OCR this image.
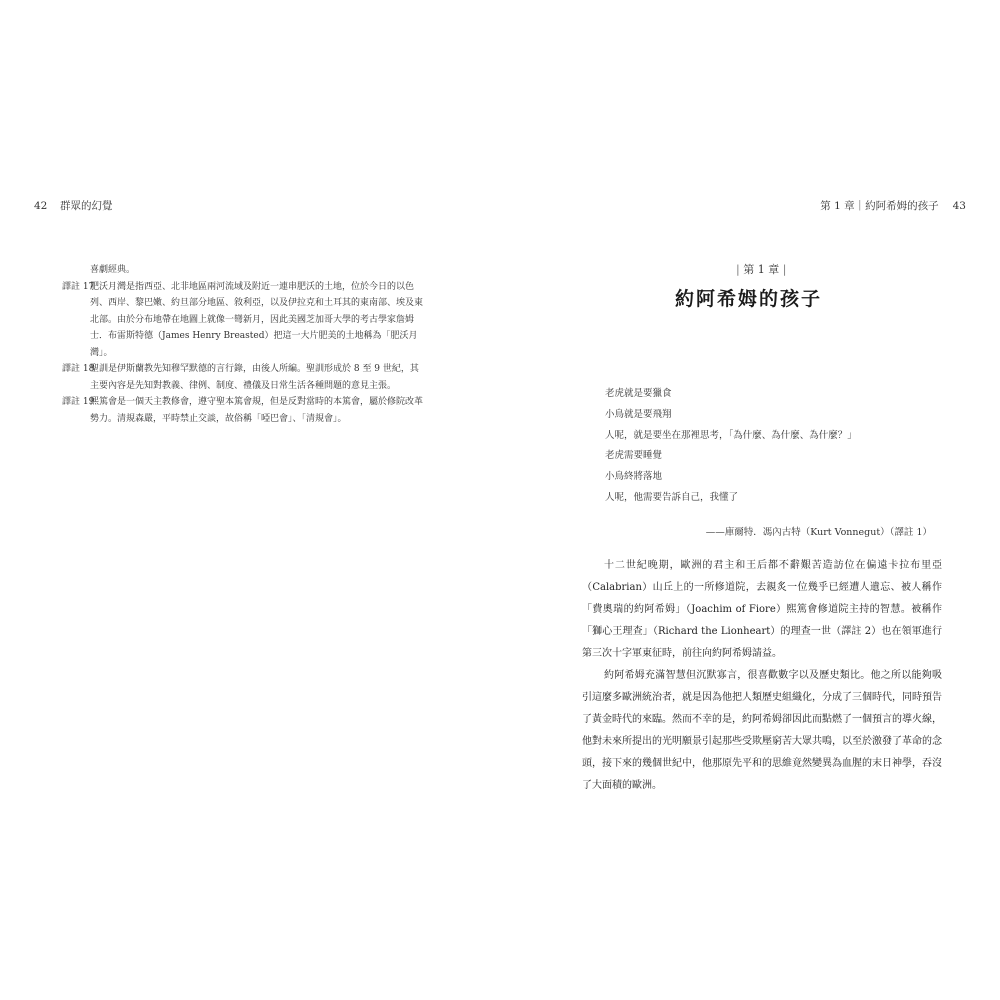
42 群眾的幻覺
喜劇經典。
譯註 17
肥沃月灣是指西亞、北非地區兩河流域及附近一連串肥沃的土地，位於今日的以色列、西岸、黎巴嫩、約旦部分地區、敘利亞，以及伊拉克和土耳其的東南部、埃及東北部。由於分布地帶在地圖上就像一彎新月，因此美國芝加哥大學的考古學家詹姆士．布雷斯特德（James Henry Breasted）把這一大片肥美的土地稱為「肥沃月灣」。
譯註 18
聖訓是伊斯蘭教先知穆罕默德的言行錄，由後人所編。聖訓形成於 8 至 9 世紀，其主要內容是先知對教義、律例、制度、禮儀及日常生活各種問題的意見主張。
譯註 19
熙篤會是一個天主教修會，遵守聖本篤會規，但是反對當時的本篤會，屬於修院改革勢力。清規森嚴，平時禁止交談，故俗稱「啞巴會」、「清規會」。
第 1 章｜約阿希姆的孩子 43
| 第 1 章 |
約阿希姆的孩子
老虎就是要獵食
小鳥就是要飛翔
人呢，就是要坐在那裡思考，「為什麼、為什麼、為什麼？」
老虎需要睡覺
小鳥終將落地
人呢，他需要告訴自己，我懂了
——庫爾特．馮內古特（Kurt Vonnegut）（譯註 1）

十二世紀晚期，歐洲的君主和王后都不辭艱苦造訪位在偏遠卡拉布里亞（Calabrian）山丘上的一所修道院，去親炙一位幾乎已經遭人遺忘、被人稱作「費奧瑞的約阿希姆」（Joachim of Fiore）熙篤會修道院主持的智慧。被稱作「獅心王理查」（Richard the Lionheart）的理查一世（譯註 2）也在領軍進行第三次十字軍東征時，前往向約阿希姆請益。

約阿希姆充滿智慧但沉默寡言，很喜歡數字以及歷史類比。他之所以能夠吸引這麼多歐洲統治者，就是因為他把人類歷史組織化，分成了三個時代，同時預告了黃金時代的來臨。然而不幸的是，約阿希姆卻因此而點燃了一個預言的導火線，他對未來所提出的光明願景引起那些受欺壓窮苦大眾共鳴，以至於激發了革命的念頭，接下來的幾個世紀中，他那原先平和的思維竟然變異為血腥的末日神學，吞沒了大面積的歐洲。
